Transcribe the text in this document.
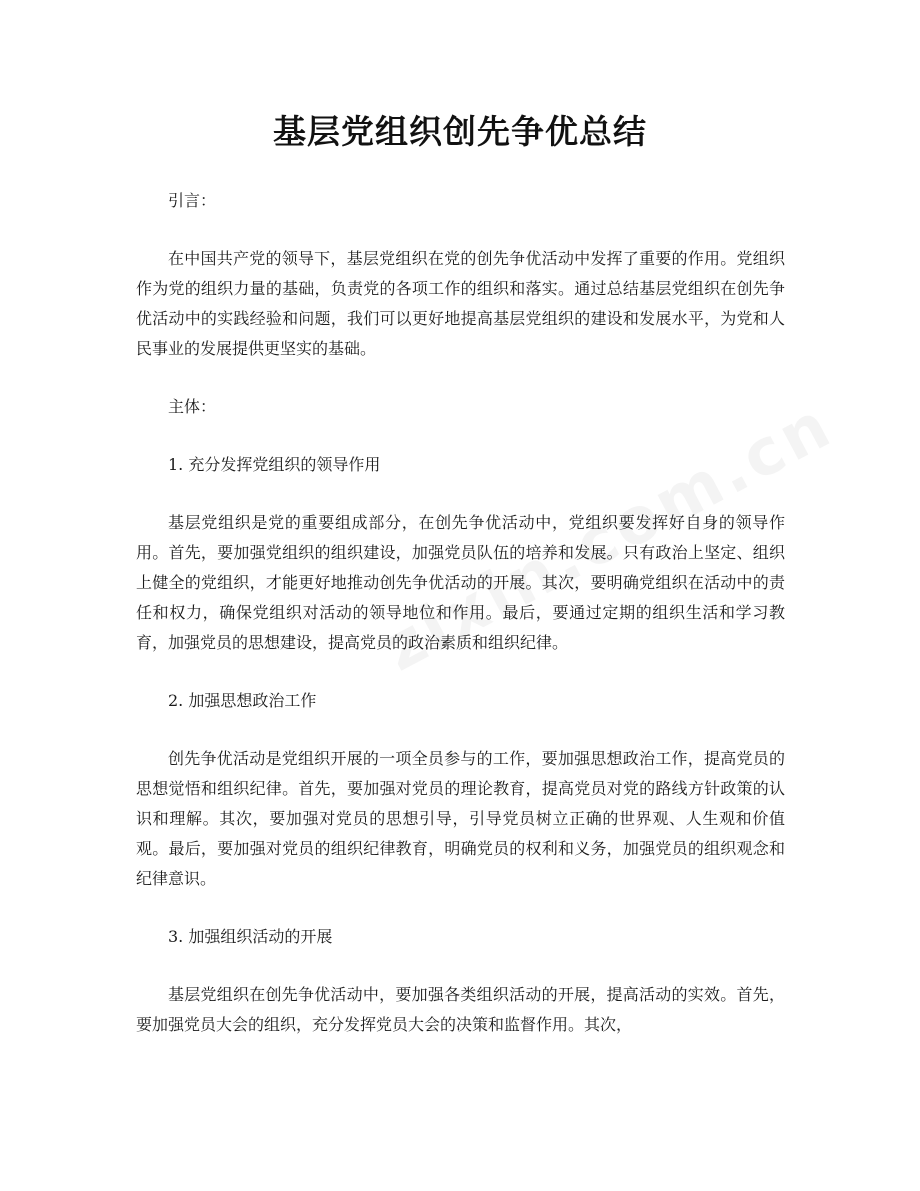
基层党组织创先争优总结

引言：

在中国共产党的领导下，基层党组织在党的创先争优活动中发挥了重要的作用。党组织作为党的组织力量的基础，负责党的各项工作的组织和落实。通过总结基层党组织在创先争优活动中的实践经验和问题，我们可以更好地提高基层党组织的建设和发展水平，为党和人民事业的发展提供更坚实的基础。

主体：

1. 充分发挥党组织的领导作用

基层党组织是党的重要组成部分，在创先争优活动中，党组织要发挥好自身的领导作用。首先，要加强党组织的组织建设，加强党员队伍的培养和发展。只有政治上坚定、组织上健全的党组织，才能更好地推动创先争优活动的开展。其次，要明确党组织在活动中的责任和权力，确保党组织对活动的领导地位和作用。最后，要通过定期的组织生活和学习教育，加强党员的思想建设，提高党员的政治素质和组织纪律。

2. 加强思想政治工作

创先争优活动是党组织开展的一项全员参与的工作，要加强思想政治工作，提高党员的思想觉悟和组织纪律。首先，要加强对党员的理论教育，提高党员对党的路线方针政策的认识和理解。其次，要加强对党员的思想引导，引导党员树立正确的世界观、人生观和价值观。最后，要加强对党员的组织纪律教育，明确党员的权利和义务，加强党员的组织观念和纪律意识。

3. 加强组织活动的开展

基层党组织在创先争优活动中，要加强各类组织活动的开展，提高活动的实效。首先，要加强党员大会的组织，充分发挥党员大会的决策和监督作用。其次，
